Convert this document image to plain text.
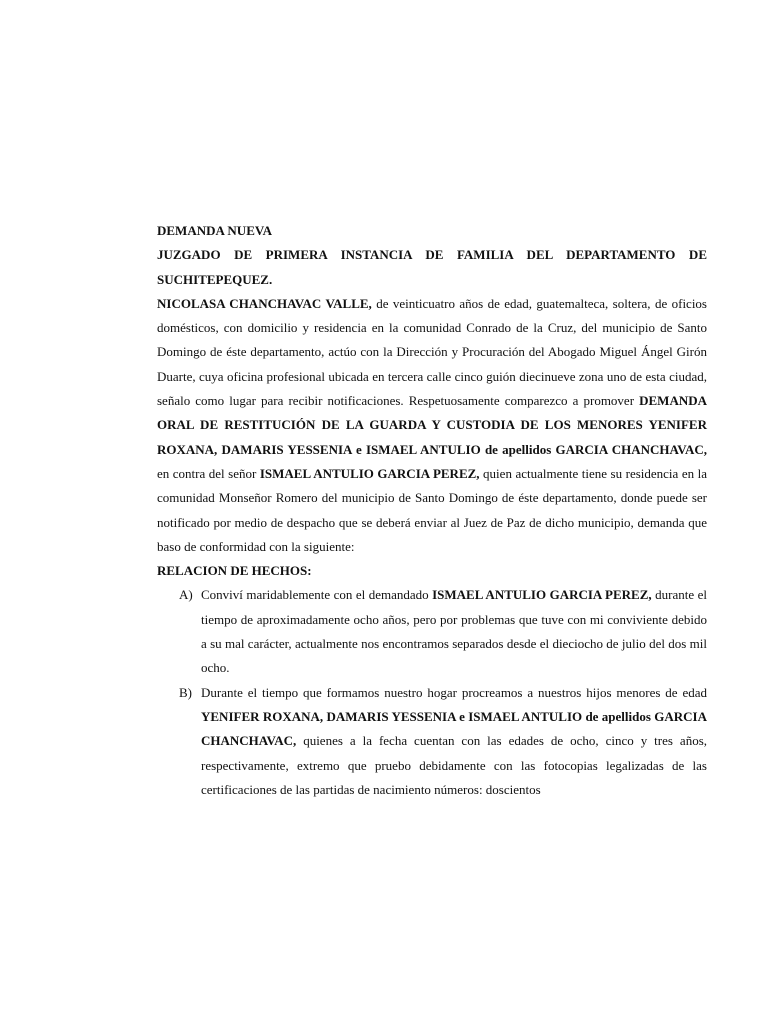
DEMANDA NUEVA

JUZGADO DE PRIMERA INSTANCIA DE FAMILIA DEL DEPARTAMENTO DE SUCHITEPEQUEZ.

NICOLASA CHANCHAVAC VALLE, de veinticuatro años de edad, guatemalteca, soltera, de oficios domésticos, con domicilio y residencia en la comunidad Conrado de la Cruz, del municipio de Santo Domingo de éste departamento, actúo con la Dirección y Procuración del Abogado Miguel Ángel Girón Duarte, cuya oficina profesional ubicada en tercera calle cinco guión diecinueve zona uno de esta ciudad, señalo como lugar para recibir notificaciones. Respetuosamente comparezco a promover DEMANDA ORAL DE RESTITUCIÓN DE LA GUARDA Y CUSTODIA DE LOS MENORES YENIFER ROXANA, DAMARIS YESSENIA e ISMAEL ANTULIO de apellidos GARCIA CHANCHAVAC, en contra del señor ISMAEL ANTULIO GARCIA PEREZ, quien actualmente tiene su residencia en la comunidad Monseñor Romero del municipio de Santo Domingo de éste departamento, donde puede ser notificado por medio de despacho que se deberá enviar al Juez de Paz de dicho municipio, demanda que baso de conformidad con la siguiente:

RELACION DE HECHOS:

A) Conviví maridablemente con el demandado ISMAEL ANTULIO GARCIA PEREZ, durante el tiempo de aproximadamente ocho años, pero por problemas que tuve con mi conviviente debido a su mal carácter, actualmente nos encontramos separados desde el dieciocho de julio del dos mil ocho.
B) Durante el tiempo que formamos nuestro hogar procreamos a nuestros hijos menores de edad YENIFER ROXANA, DAMARIS YESSENIA e ISMAEL ANTULIO de apellidos GARCIA CHANCHAVAC, quienes a la fecha cuentan con las edades de ocho, cinco y tres años, respectivamente, extremo que pruebo debidamente con las fotocopias legalizadas de las certificaciones de las partidas de nacimiento números: doscientos
